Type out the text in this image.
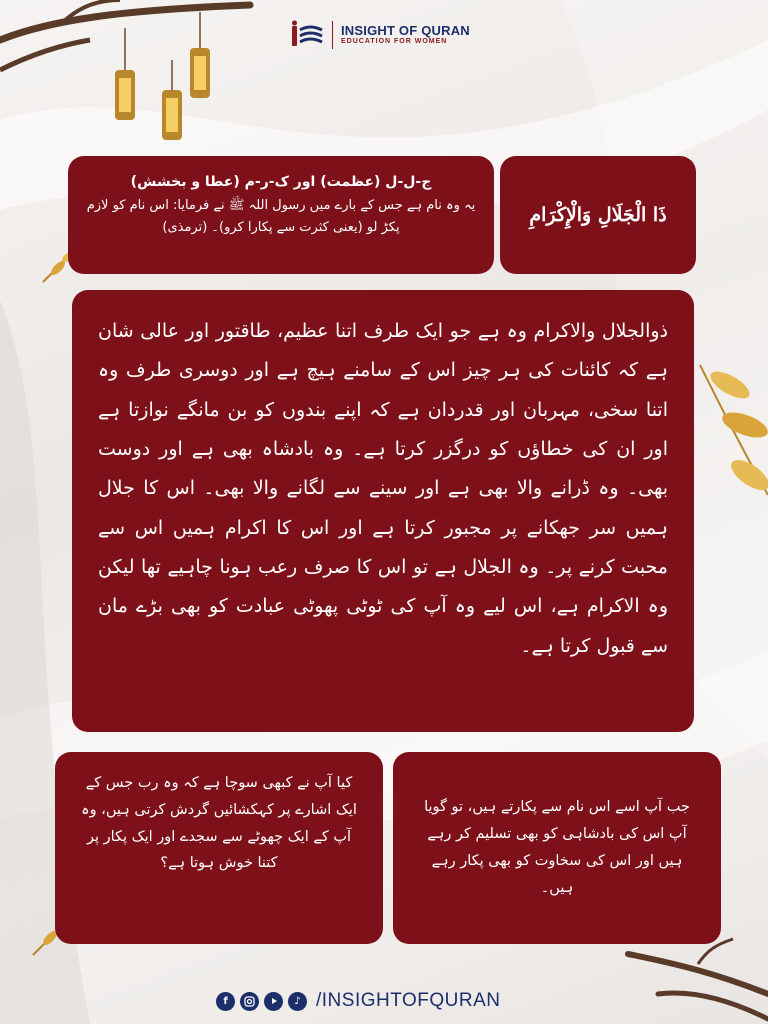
INSIGHT OF QURAN
EDUCATION FOR WOMEN
ذَا الْجَلَالِ وَالْإِكْرَامِ
ج-ل-ل (عظمت) اور ک-ر-م (عطا و بخشش)
یہ وہ نام ہے جس کے بارے میں رسول اللہ ﷺ نے فرمایا: اس نام کو لازم پکڑ لو (یعنی کثرت سے پکارا کرو)۔ (ترمذی)

ذوالجلال والاکرام وہ ہے جو ایک طرف اتنا عظیم، طاقتور اور عالی شان ہے کہ کائنات کی ہر چیز اس کے سامنے ہیچ ہے اور دوسری طرف وہ اتنا سخی، مہربان اور قدردان ہے کہ اپنے بندوں کو بن مانگے نوازتا ہے اور ان کی خطاؤں کو درگزر کرتا ہے۔ وہ بادشاہ بھی ہے اور دوست بھی۔ وہ ڈرانے والا بھی ہے اور سینے سے لگانے والا بھی۔ اس کا جلال ہمیں سر جھکانے پر مجبور کرتا ہے اور اس کا اکرام ہمیں اس سے محبت کرنے پر۔ وہ الجلال ہے تو اس کا صرف رعب ہونا چاہیے تھا لیکن وہ الاکرام ہے، اس لیے وہ آپ کی ٹوٹی پھوٹی عبادت کو بھی بڑے مان سے قبول کرتا ہے۔

کیا آپ نے کبھی سوچا ہے کہ وہ رب جس کے ایک اشارے پر کہکشائیں گردش کرتی ہیں، وہ آپ کے ایک چھوٹے سے سجدے اور ایک پکار پر کتنا خوش ہوتا ہے؟

جب آپ اسے اس نام سے پکارتے ہیں، تو گویا آپ اس کی بادشاہی کو بھی تسلیم کر رہے ہیں اور اس کی سخاوت کو بھی پکار رہے ہیں۔

f	♪ /INSIGHTOFQURAN
